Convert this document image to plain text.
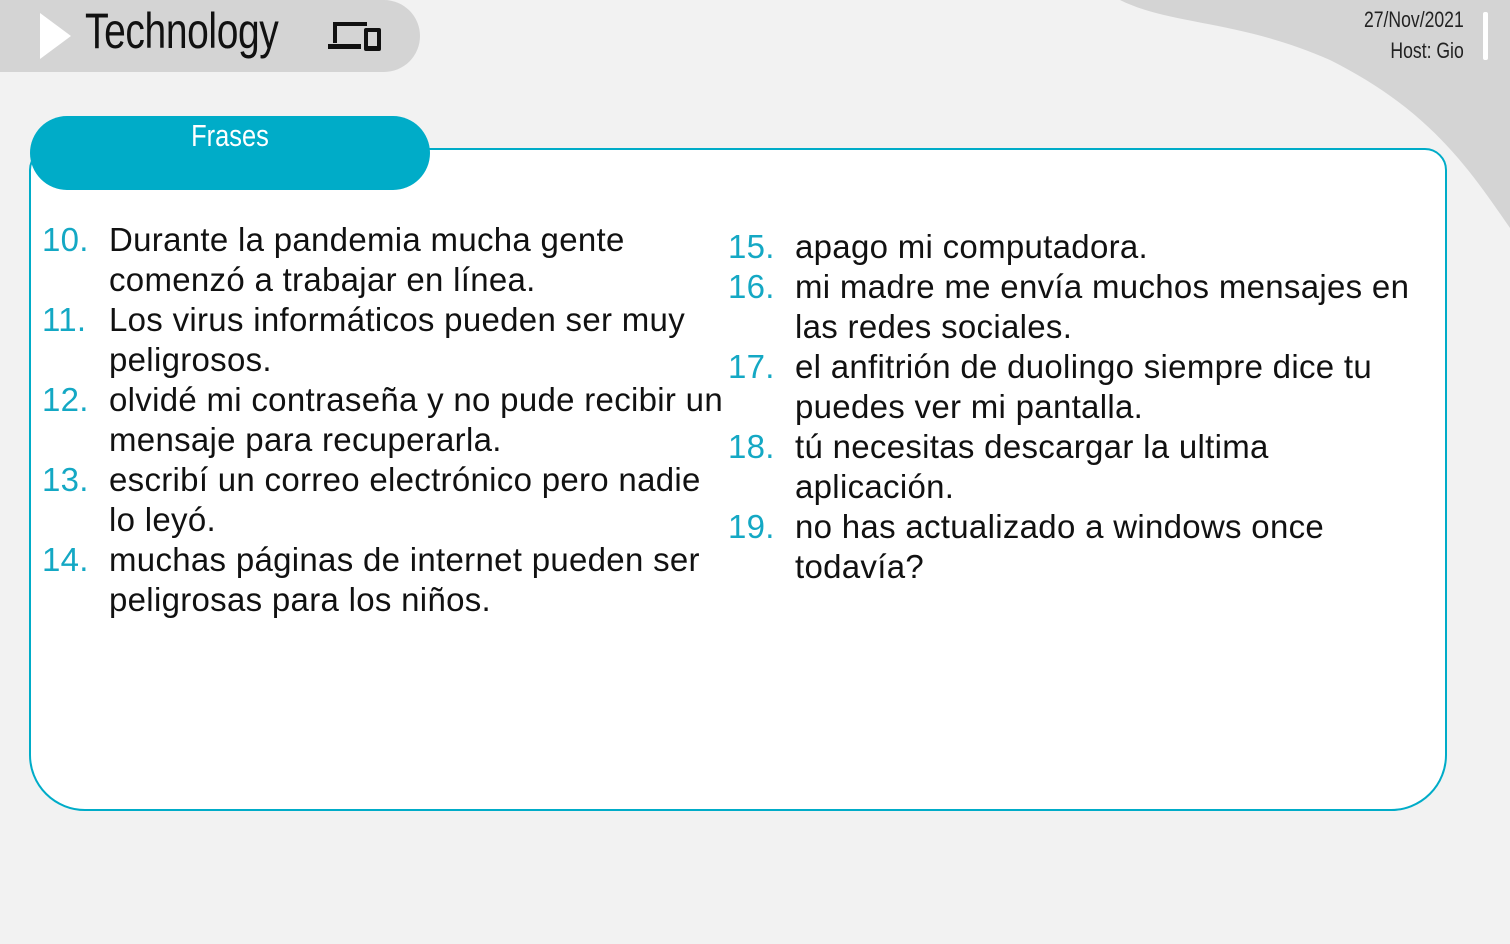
Technology	27/Nov/2021
Host: Gio
Frases
10. Durante la pandemia mucha gente comenzó a trabajar en línea.
11. Los virus informáticos pueden ser muy peligrosos.
12. olvidé mi contraseña y no pude recibir un mensaje para recuperarla.
13. escribí un correo electrónico pero nadie lo leyó.
14. muchas páginas de internet pueden ser peligrosas para los niños.
15. apago mi computadora.
16. mi madre me envía muchos mensajes en las redes sociales.
17. el anfitrión de duolingo siempre dice tu puedes ver mi pantalla.
18. tú necesitas descargar la ultima aplicación.
19. no has actualizado a windows once todavía?
